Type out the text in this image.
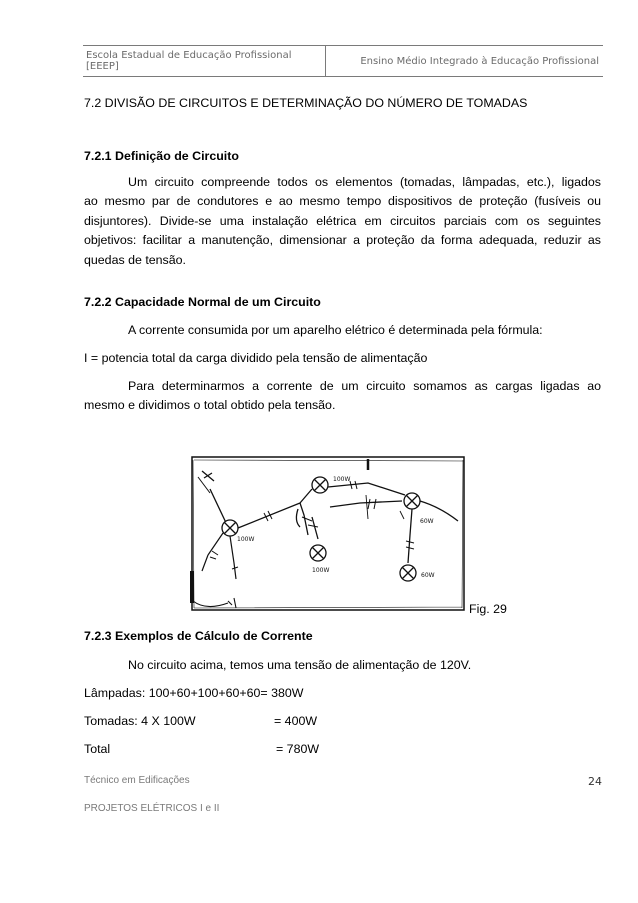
Escola Estadual de Educação Profissional [EEEP]	Ensino Médio Integrado à Educação Profissional
7.2 DIVISÃO DE CIRCUITOS E DETERMINAÇÃO DO NÚMERO DE TOMADAS
7.2.1 Definição de Circuito
Um circuito compreende todos os elementos (tomadas, lâmpadas, etc.), ligados
ao mesmo par de condutores e ao mesmo tempo dispositivos de proteção (fusíveis ou
disjuntores). Divide-se uma instalação elétrica em circuitos parciais com os seguintes
objetivos: facilitar a manutenção, dimensionar a proteção da forma adequada, reduzir as
quedas de tensão.
7.2.2 Capacidade Normal de um Circuito
A corrente consumida por um aparelho elétrico é determinada pela fórmula:
I = potencia total da carga dividido pela tensão de alimentação
Para determinarmos a corrente de um circuito somamos as cargas ligadas ao
mesmo e dividimos o total obtido pela tensão.
100W
100W
100W
60W
60W
Fig. 29
7.2.3 Exemplos de Cálculo de Corrente
No circuito acima, temos uma tensão de alimentação de 120V.
Lâmpadas: 100+60+100+60+60= 380W
Tomadas: 4 X 100W	= 400W
Total	= 780W
Técnico em Edificações	24
PROJETOS ELÉTRICOS I e II
